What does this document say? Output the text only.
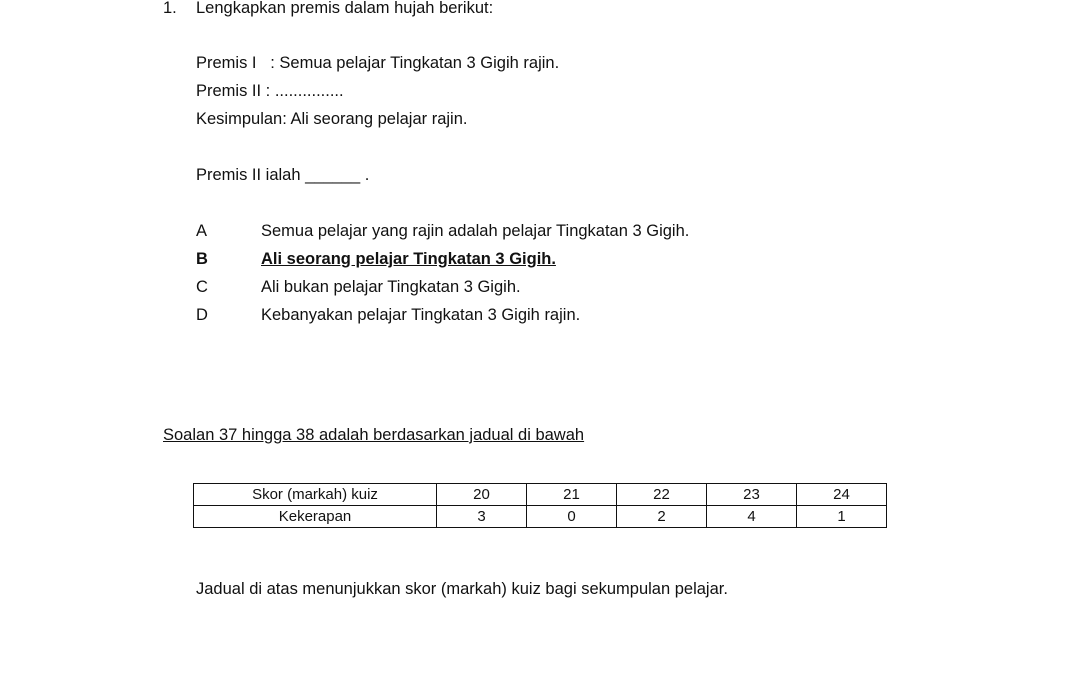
1. Lengkapkan premis dalam hujah berikut:
Premis I   : Semua pelajar Tingkatan 3 Gigih rajin.
Premis II : ...............
Kesimpulan: Ali seorang pelajar rajin.
Premis II ialah ______ .
A	Semua pelajar yang rajin adalah pelajar Tingkatan 3 Gigih.
B	Ali seorang pelajar Tingkatan 3 Gigih.
C	Ali bukan pelajar Tingkatan 3 Gigih.
D	Kebanyakan pelajar Tingkatan 3 Gigih rajin.
Soalan 37 hingga 38 adalah berdasarkan jadual di bawah
Skor (markah) kuiz	20	21	22	23	24
Kekerapan	3	0	2	4	1
Jadual di atas menunjukkan skor (markah) kuiz bagi sekumpulan pelajar.
